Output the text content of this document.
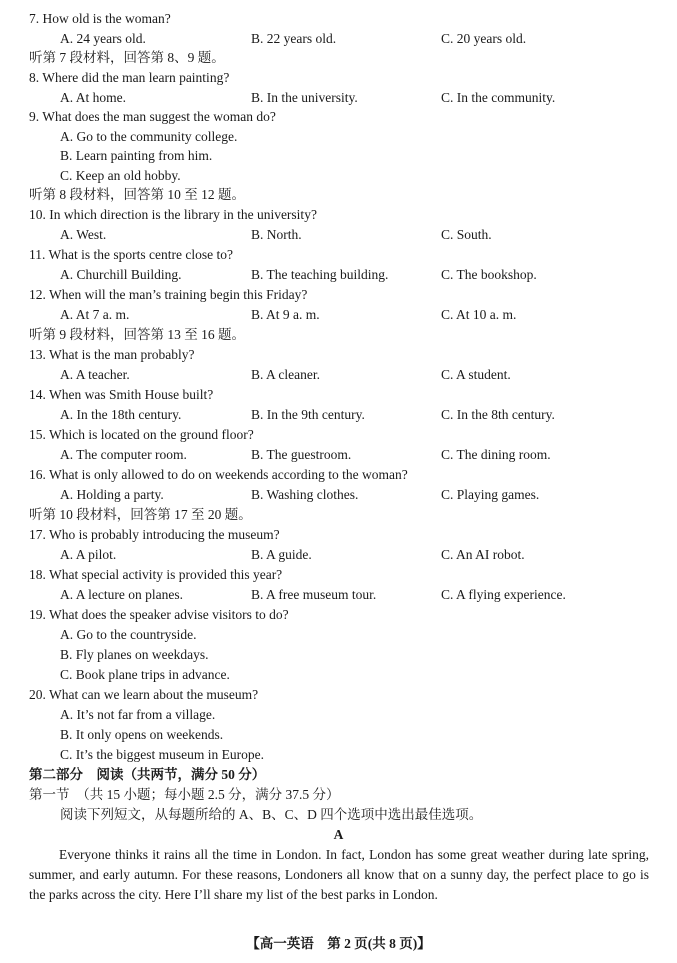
7. How old is the woman?
A. 24 years old.	B. 22 years old.	C. 20 years old.
听第 7 段材料，回答第 8、9 题。
8. Where did the man learn painting?
A. At home.	B. In the university.	C. In the community.
9. What does the man suggest the woman do?
A. Go to the community college.
B. Learn painting from him.
C. Keep an old hobby.
听第 8 段材料，回答第 10 至 12 题。
10. In which direction is the library in the university?
A. West.	B. North.	C. South.
11. What is the sports centre close to?
A. Churchill Building.	B. The teaching building.	C. The bookshop.
12. When will the man’s training begin this Friday?
A. At 7 a. m.	B. At 9 a. m.	C. At 10 a. m.
听第 9 段材料，回答第 13 至 16 题。
13. What is the man probably?
A. A teacher.	B. A cleaner.	C. A student.
14. When was Smith House built?
A. In the 18th century.	B. In the 9th century.	C. In the 8th century.
15. Which is located on the ground floor?
A. The computer room.	B. The guestroom.	C. The dining room.
16. What is only allowed to do on weekends according to the woman?
A. Holding a party.	B. Washing clothes.	C. Playing games.
听第 10 段材料，回答第 17 至 20 题。
17. Who is probably introducing the museum?
A. A pilot.	B. A guide.	C. An AI robot.
18. What special activity is provided this year?
A. A lecture on planes.	B. A free museum tour.	C. A flying experience.
19. What does the speaker advise visitors to do?
A. Go to the countryside.
B. Fly planes on weekdays.
C. Book plane trips in advance.
20. What can we learn about the museum?
A. It’s not far from a village.
B. It only opens on weekends.
C. It’s the biggest museum in Europe.
第二部分　阅读（共两节，满分 50 分）
第一节　（共 15 小题；每小题 2.5 分，满分 37.5 分）
阅读下列短文，从每题所给的 A、B、C、D 四个选项中选出最佳选项。
A
Everyone thinks it rains all the time in London. In fact, London has some great weather during late spring, summer, and early autumn. For these reasons, Londoners all know that on a sunny day, the perfect place to go is the parks across the city. Here I’ll share my list of the best parks in London.
【高一英语　第 2 页(共 8 页)】
